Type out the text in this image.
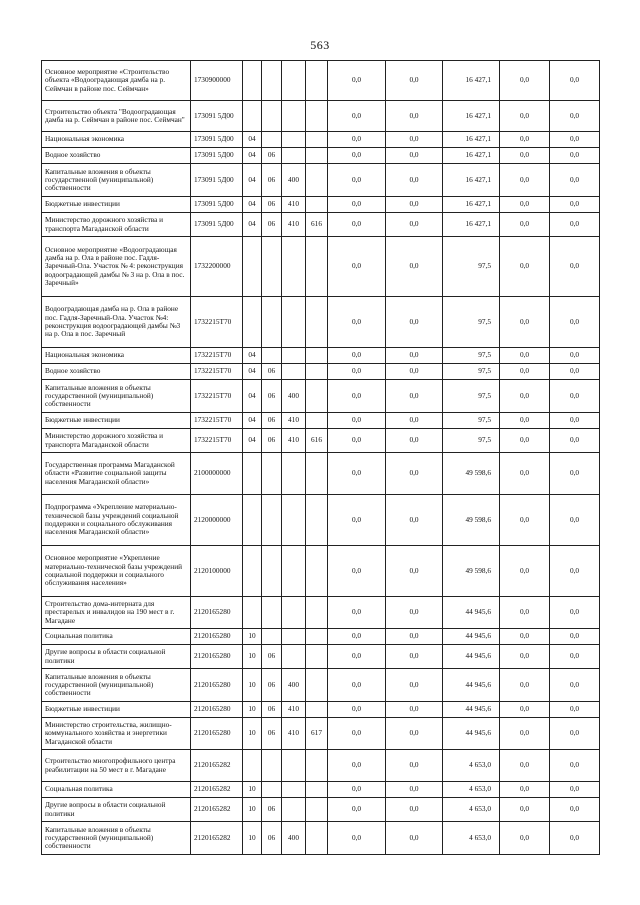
563
Основное мероприятие «Строительство объекта «Водооградающая дамба на р. Сеймчан в районе пос. Сеймчан»	1730900000					0,0	0,0	16 427,1	0,0	0,0
Строительство объекта "Водооградающая дамба на р. Сеймчан в районе пос. Сеймчан"	173091 5Д00					0,0	0,0	16 427,1	0,0	0,0
Национальная экономика	173091 5Д00	04				0,0	0,0	16 427,1	0,0	0,0
Водное хозяйство	173091 5Д00	04	06			0,0	0,0	16 427,1	0,0	0,0
Капитальные вложения в объекты государственной (муниципальной) собственности	173091 5Д00	04	06	400		0,0	0,0	16 427,1	0,0	0,0
Бюджетные инвестиции	173091 5Д00	04	06	410		0,0	0,0	16 427,1	0,0	0,0
Министерство дорожного хозяйства и транспорта Магаданской области	173091 5Д00	04	06	410	616	0,0	0,0	16 427,1	0,0	0,0
Основное мероприятие «Водооградающая дамба на р. Ола в районе пос. Гадля-Заречный-Ола. Участок № 4: реконструкция водооградающей дамбы № 3 на р. Ола в пос. Заречный»	1732200000					0,0	0,0	97,5	0,0	0,0
Водооградающая дамба на р. Ола в районе пос. Гадля-Заречный-Ола. Участок №4: реконструкция водооградающей дамбы №3 на р. Ола в пос. Заречный	1732215Т70					0,0	0,0	97,5	0,0	0,0
Национальная экономика	1732215Т70	04				0,0	0,0	97,5	0,0	0,0
Водное хозяйство	1732215Т70	04	06			0,0	0,0	97,5	0,0	0,0
Капитальные вложения в объекты государственной (муниципальной) собственности	1732215Т70	04	06	400		0,0	0,0	97,5	0,0	0,0
Бюджетные инвестиции	1732215Т70	04	06	410		0,0	0,0	97,5	0,0	0,0
Министерство дорожного хозяйства и транспорта Магаданской области	1732215Т70	04	06	410	616	0,0	0,0	97,5	0,0	0,0
Государственная программа Магаданской области «Развитие социальной защиты населения Магаданской области»	2100000000					0,0	0,0	49 598,6	0,0	0,0
Подпрограмма «Укрепление материально-технической базы учреждений социальной поддержки и социального обслуживания населения Магаданской области»	2120000000					0,0	0,0	49 598,6	0,0	0,0
Основное мероприятие «Укрепление материально-технической базы учреждений социальной поддержки и социального обслуживания населения»	2120100000					0,0	0,0	49 598,6	0,0	0,0
Строительство дома-интерната для престарелых и инвалидов на 190 мест в г. Магадане	2120165280					0,0	0,0	44 945,6	0,0	0,0
Социальная политика	2120165280	10				0,0	0,0	44 945,6	0,0	0,0
Другие вопросы в области социальной политики	2120165280	10	06			0,0	0,0	44 945,6	0,0	0,0
Капитальные вложения в объекты государственной (муниципальной) собственности	2120165280	10	06	400		0,0	0,0	44 945,6	0,0	0,0
Бюджетные инвестиции	2120165280	10	06	410		0,0	0,0	44 945,6	0,0	0,0
Министерство строительства, жилищно-коммунального хозяйства и энергетики Магаданской области	2120165280	10	06	410	617	0,0	0,0	44 945,6	0,0	0,0
Строительство многопрофильного центра реабилитации на 50 мест в г. Магадане	2120165282					0,0	0,0	4 653,0	0,0	0,0
Социальная политика	2120165282	10				0,0	0,0	4 653,0	0,0	0,0
Другие вопросы в области социальной политики	2120165282	10	06			0,0	0,0	4 653,0	0,0	0,0
Капитальные вложения в объекты государственной (муниципальной) собственности	2120165282	10	06	400		0,0	0,0	4 653,0	0,0	0,0
